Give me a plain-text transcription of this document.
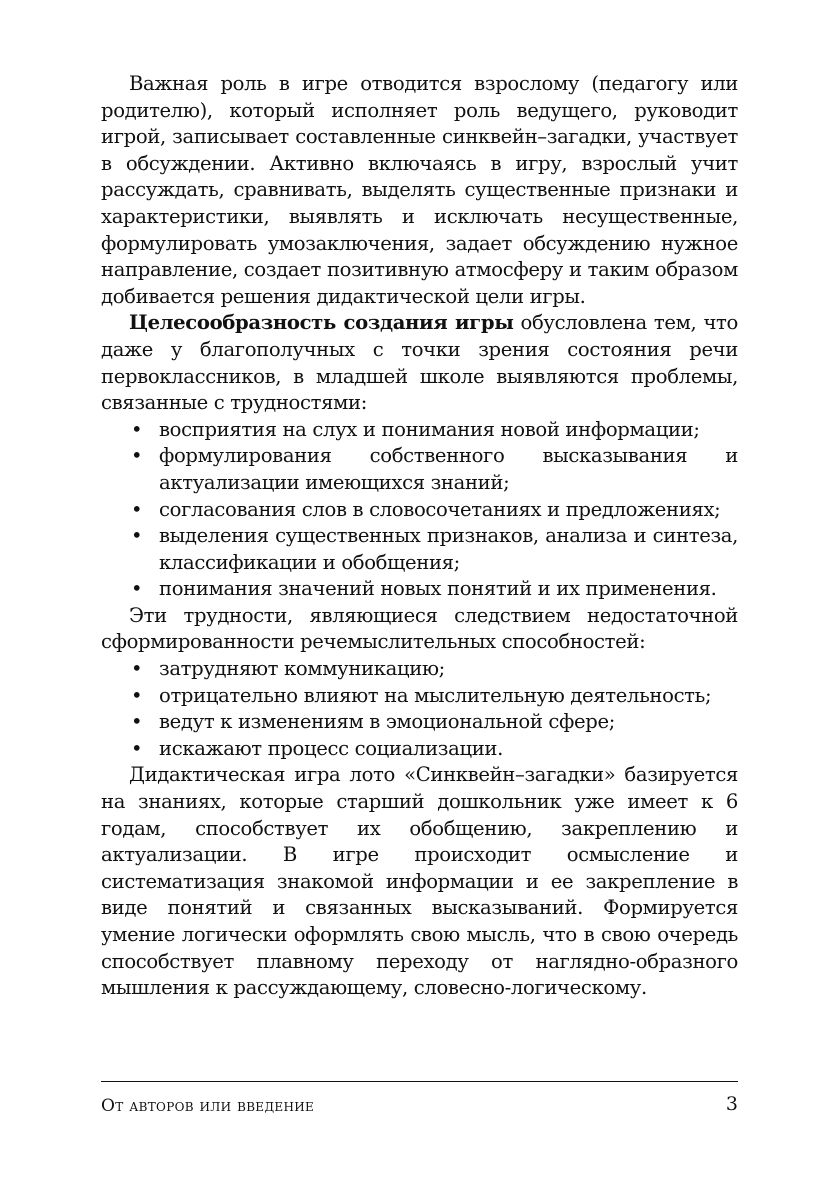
Важная роль в игре отводится взрослому (педагогу или родителю), который исполняет роль ведущего, руководит игрой, записывает составленные синквейн–загадки, участвует в обсуждении. Активно включаясь в игру, взрослый учит рассуждать, сравнивать, выделять существенные признаки и характеристики, выявлять и исключать несущественные, формулировать умозаключения, задает обсуждению нужное направление, создает позитивную атмосферу и таким образом добивается решения дидактической цели игры.

Целесообразность создания игры обусловлена тем, что даже у благополучных с точки зрения состояния речи первоклассников, в младшей школе выявляются проблемы, связанные с трудностями:

• восприятия на слух и понимания новой информации;
• формулирования собственного высказывания и актуализации имеющихся знаний;
• согласования слов в словосочетаниях и предложениях;
• выделения существенных признаков, анализа и синтеза, классификации и обобщения;
• понимания значений новых понятий и их применения.

Эти трудности, являющиеся следствием недостаточной сформированности речемыслительных способностей:

• затрудняют коммуникацию;
• отрицательно влияют на мыслительную деятельность;
• ведут к изменениям в эмоциональной сфере;
• искажают процесс социализации.

Дидактическая игра лото «Синквейн–загадки» базируется на знаниях, которые старший дошкольник уже имеет к 6 годам, способствует их обобщению, закреплению и актуализации. В игре происходит осмысление и систематизация знакомой информации и ее закрепление в виде понятий и связанных высказываний. Формируется умение логически оформлять свою мысль, что в свою очередь способствует плавному переходу от наглядно-образного мышления к рассуждающему, словесно-логическому.

От авторов или введение	3
